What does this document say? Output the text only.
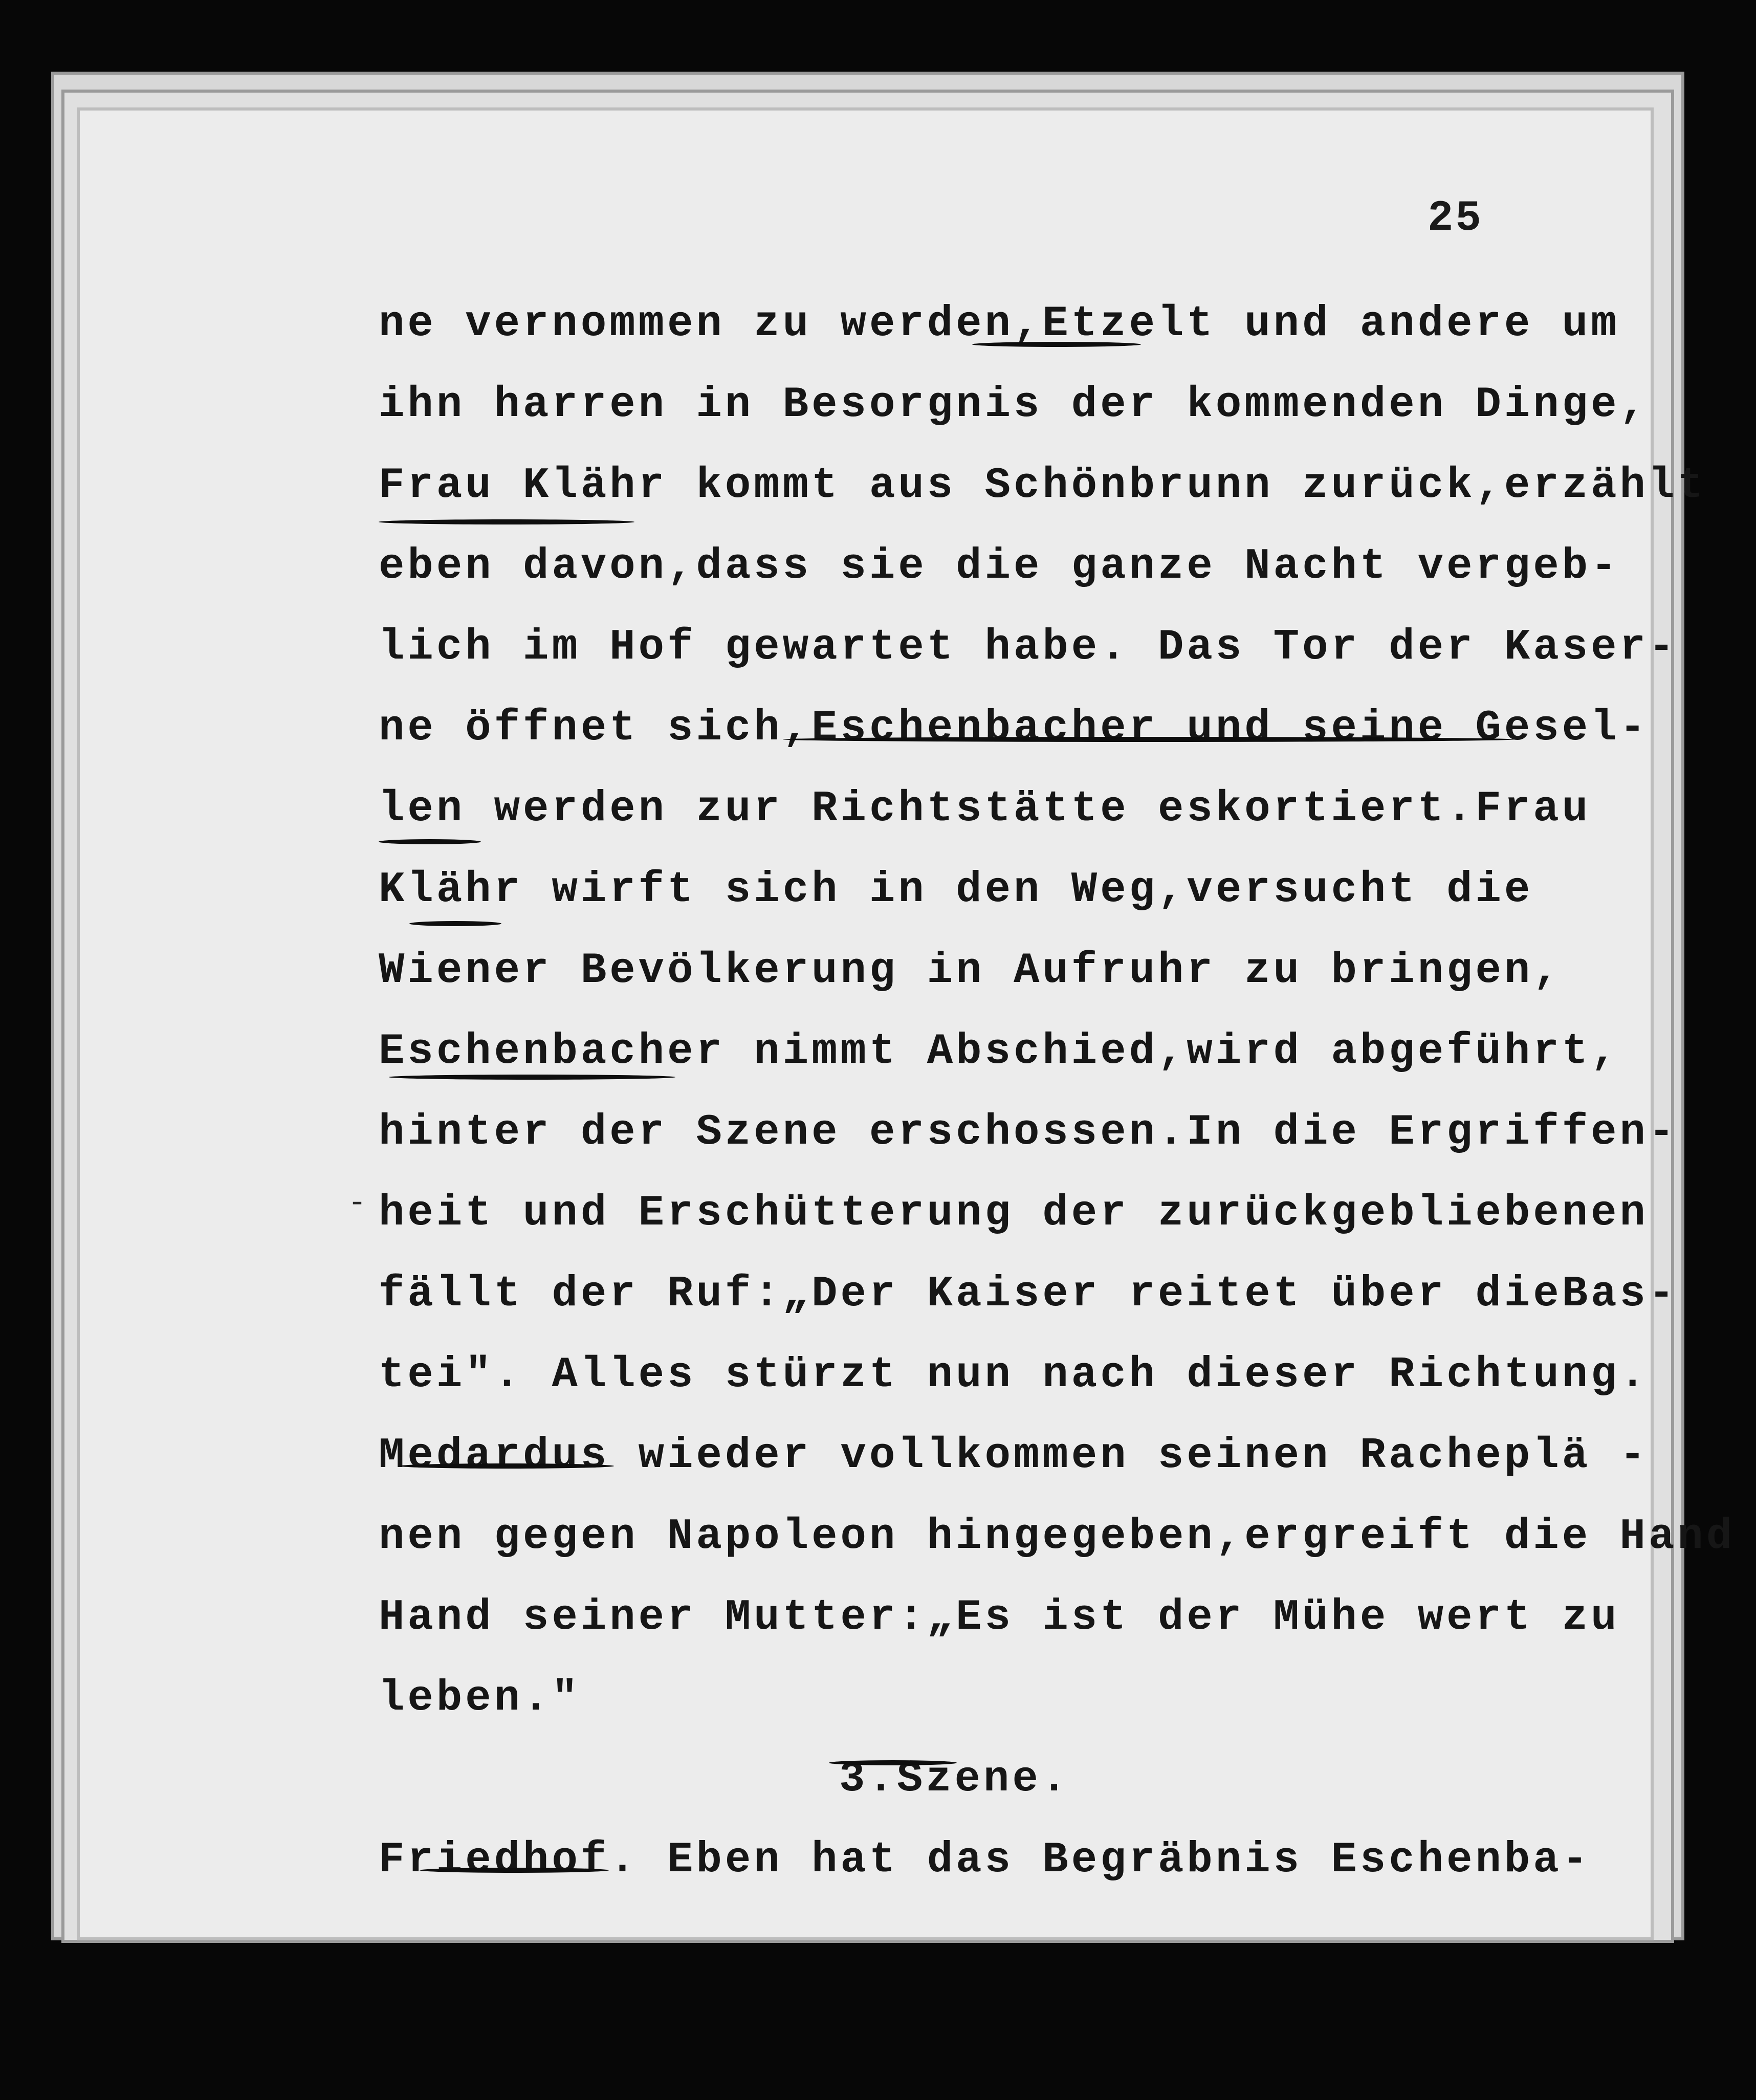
25
ne vernommen zu werden,Etzelt und andere um
ihn harren in Besorgnis der kommenden Dinge,
Frau Klähr kommt aus Schönbrunn zurück,erzählt
eben davon,dass sie die ganze Nacht vergeb-
lich im Hof gewartet habe. Das Tor der Kaser-
ne öffnet sich,Eschenbacher und seine Gesel-
len werden zur Richtstätte eskortiert.Frau
Klähr wirft sich in den Weg,versucht die
Wiener Bevölkerung in Aufruhr zu bringen,
Eschenbacher nimmt Abschied,wird abgeführt,
hinter der Szene erschossen.In die Ergriffen-
heit und Erschütterung der zurückgebliebenen
fällt der Ruf:„Der Kaiser reitet über dieBas-
tei". Alles stürzt nun nach dieser Richtung.
Medardus wieder vollkommen seinen Racheplä -
nen gegen Napoleon hingegeben,ergreift die Hand
Hand seiner Mutter:„Es ist der Mühe wert zu
leben."
3.Szene.
Friedhof. Eben hat das Begräbnis Eschenba-
-
